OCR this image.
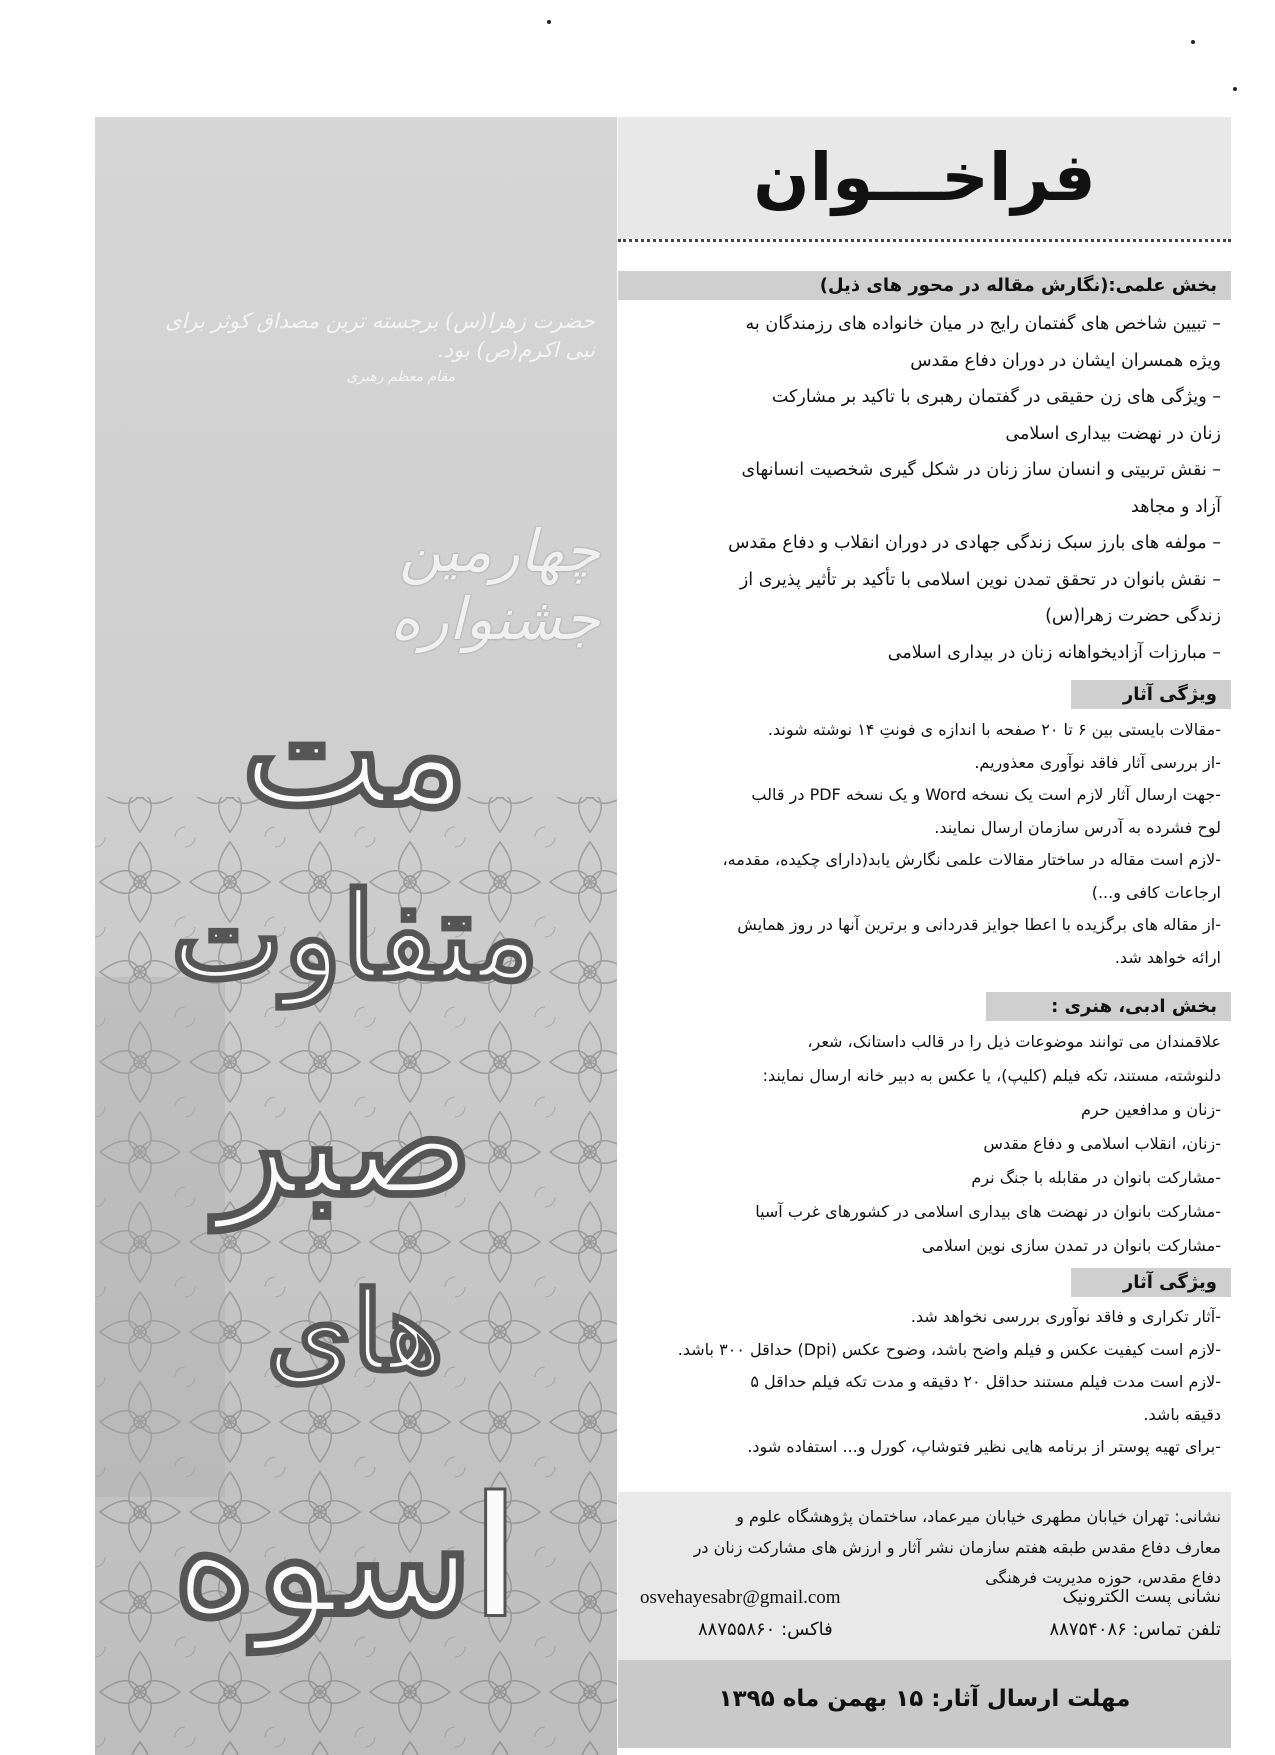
حضرت زهرا(س) برجسته ترین مصداق کوثر برای نبی اکرم(ص) بود.
مقام معظم رهبری
چهارمین جشنواره
مت
متفاوت
صبر
های
اسوه
فراخـــوان
بخش علمی:(نگارش مقاله در محور های ذیل)
– تبیین شاخص های گفتمان رایج در میان خانواده های رزمندگان به
ویژه همسران ایشان در دوران دفاع مقدس
– ویژگی های زن حقیقی در گفتمان رهبری با تاکید بر مشارکت
زنان در نهضت بیداری اسلامی
– نقش تربیتی و انسان ساز زنان در شکل گیری شخصیت انسانهای
آزاد و مجاهد
– مولفه های بارز سبک زندگی جهادی در دوران انقلاب و دفاع مقدس
– نقش بانوان در تحقق تمدن نوین اسلامی با تأکید بر تأثیر پذیری از
زندگی حضرت زهرا(س)
– مبارزات آزادیخواهانه زنان در بیداری اسلامی
ویژگی آثار
-مقالات بایستی بین ۶ تا ۲۰ صفحه با اندازه ی فونتِ ۱۴ نوشته شوند.
-از بررسی آثار فاقد نوآوری معذوریم.
-جهت ارسال آثار لازم است یک نسخه Word و یک نسخه PDF در قالب
لوح فشرده به آدرس سازمان ارسال نمایند.
-لازم است مقاله در ساختار مقالات علمی نگارش یابد(دارای چکیده، مقدمه،
ارجاعات کافی و...)
-از مقاله های برگزیده با اعطا جوایز قدردانی و برترین آنها در روز همایش
ارائه خواهد شد.
بخش ادبی، هنری :
علاقمندان می توانند موضوعات ذیل را در قالب داستانک، شعر،
دلنوشته، مستند، تکه فیلم (کلیپ)، یا عکس به دبیر خانه ارسال نمایند:
-زنان و مدافعین حرم
-زنان، انقلاب اسلامی و دفاع مقدس
-مشارکت بانوان در مقابله با جنگ نرم
-مشارکت بانوان در نهضت های بیداری اسلامی در کشورهای غرب آسیا
-مشارکت بانوان در تمدن سازی نوین اسلامی
ویژگی آثار
-آثار تکراری و فاقد نوآوری بررسی نخواهد شد.
-لازم است کیفیت عکس و فیلم واضح باشد، وضوح عکس (Dpi) حداقل ۳۰۰ باشد.
-لازم است مدت فیلم مستند حداقل ۲۰ دقیقه و مدت تکه فیلم حداقل ۵
دقیقه باشد.
-برای تهیه پوستر از برنامه هایی نظیر فتوشاپ، کورل و... استفاده شود.
نشانی: تهران خیابان مطهری خیابان میرعماد، ساختمان پژوهشگاه علوم و
معارف دفاع مقدس طبقه هفتم سازمان نشر آثار و ارزش های مشارکت زنان در
دفاع مقدس، حوزه مدیریت فرهنگی
نشانی پست الکترونیک
osvehayesabr@gmail.com
تلفن تماس: ۸۸۷۵۴۰۸۶
فاکس: ۸۸۷۵۵۸۶۰
مهلت ارسال آثار: ۱۵ بهمن ماه ۱۳۹۵
